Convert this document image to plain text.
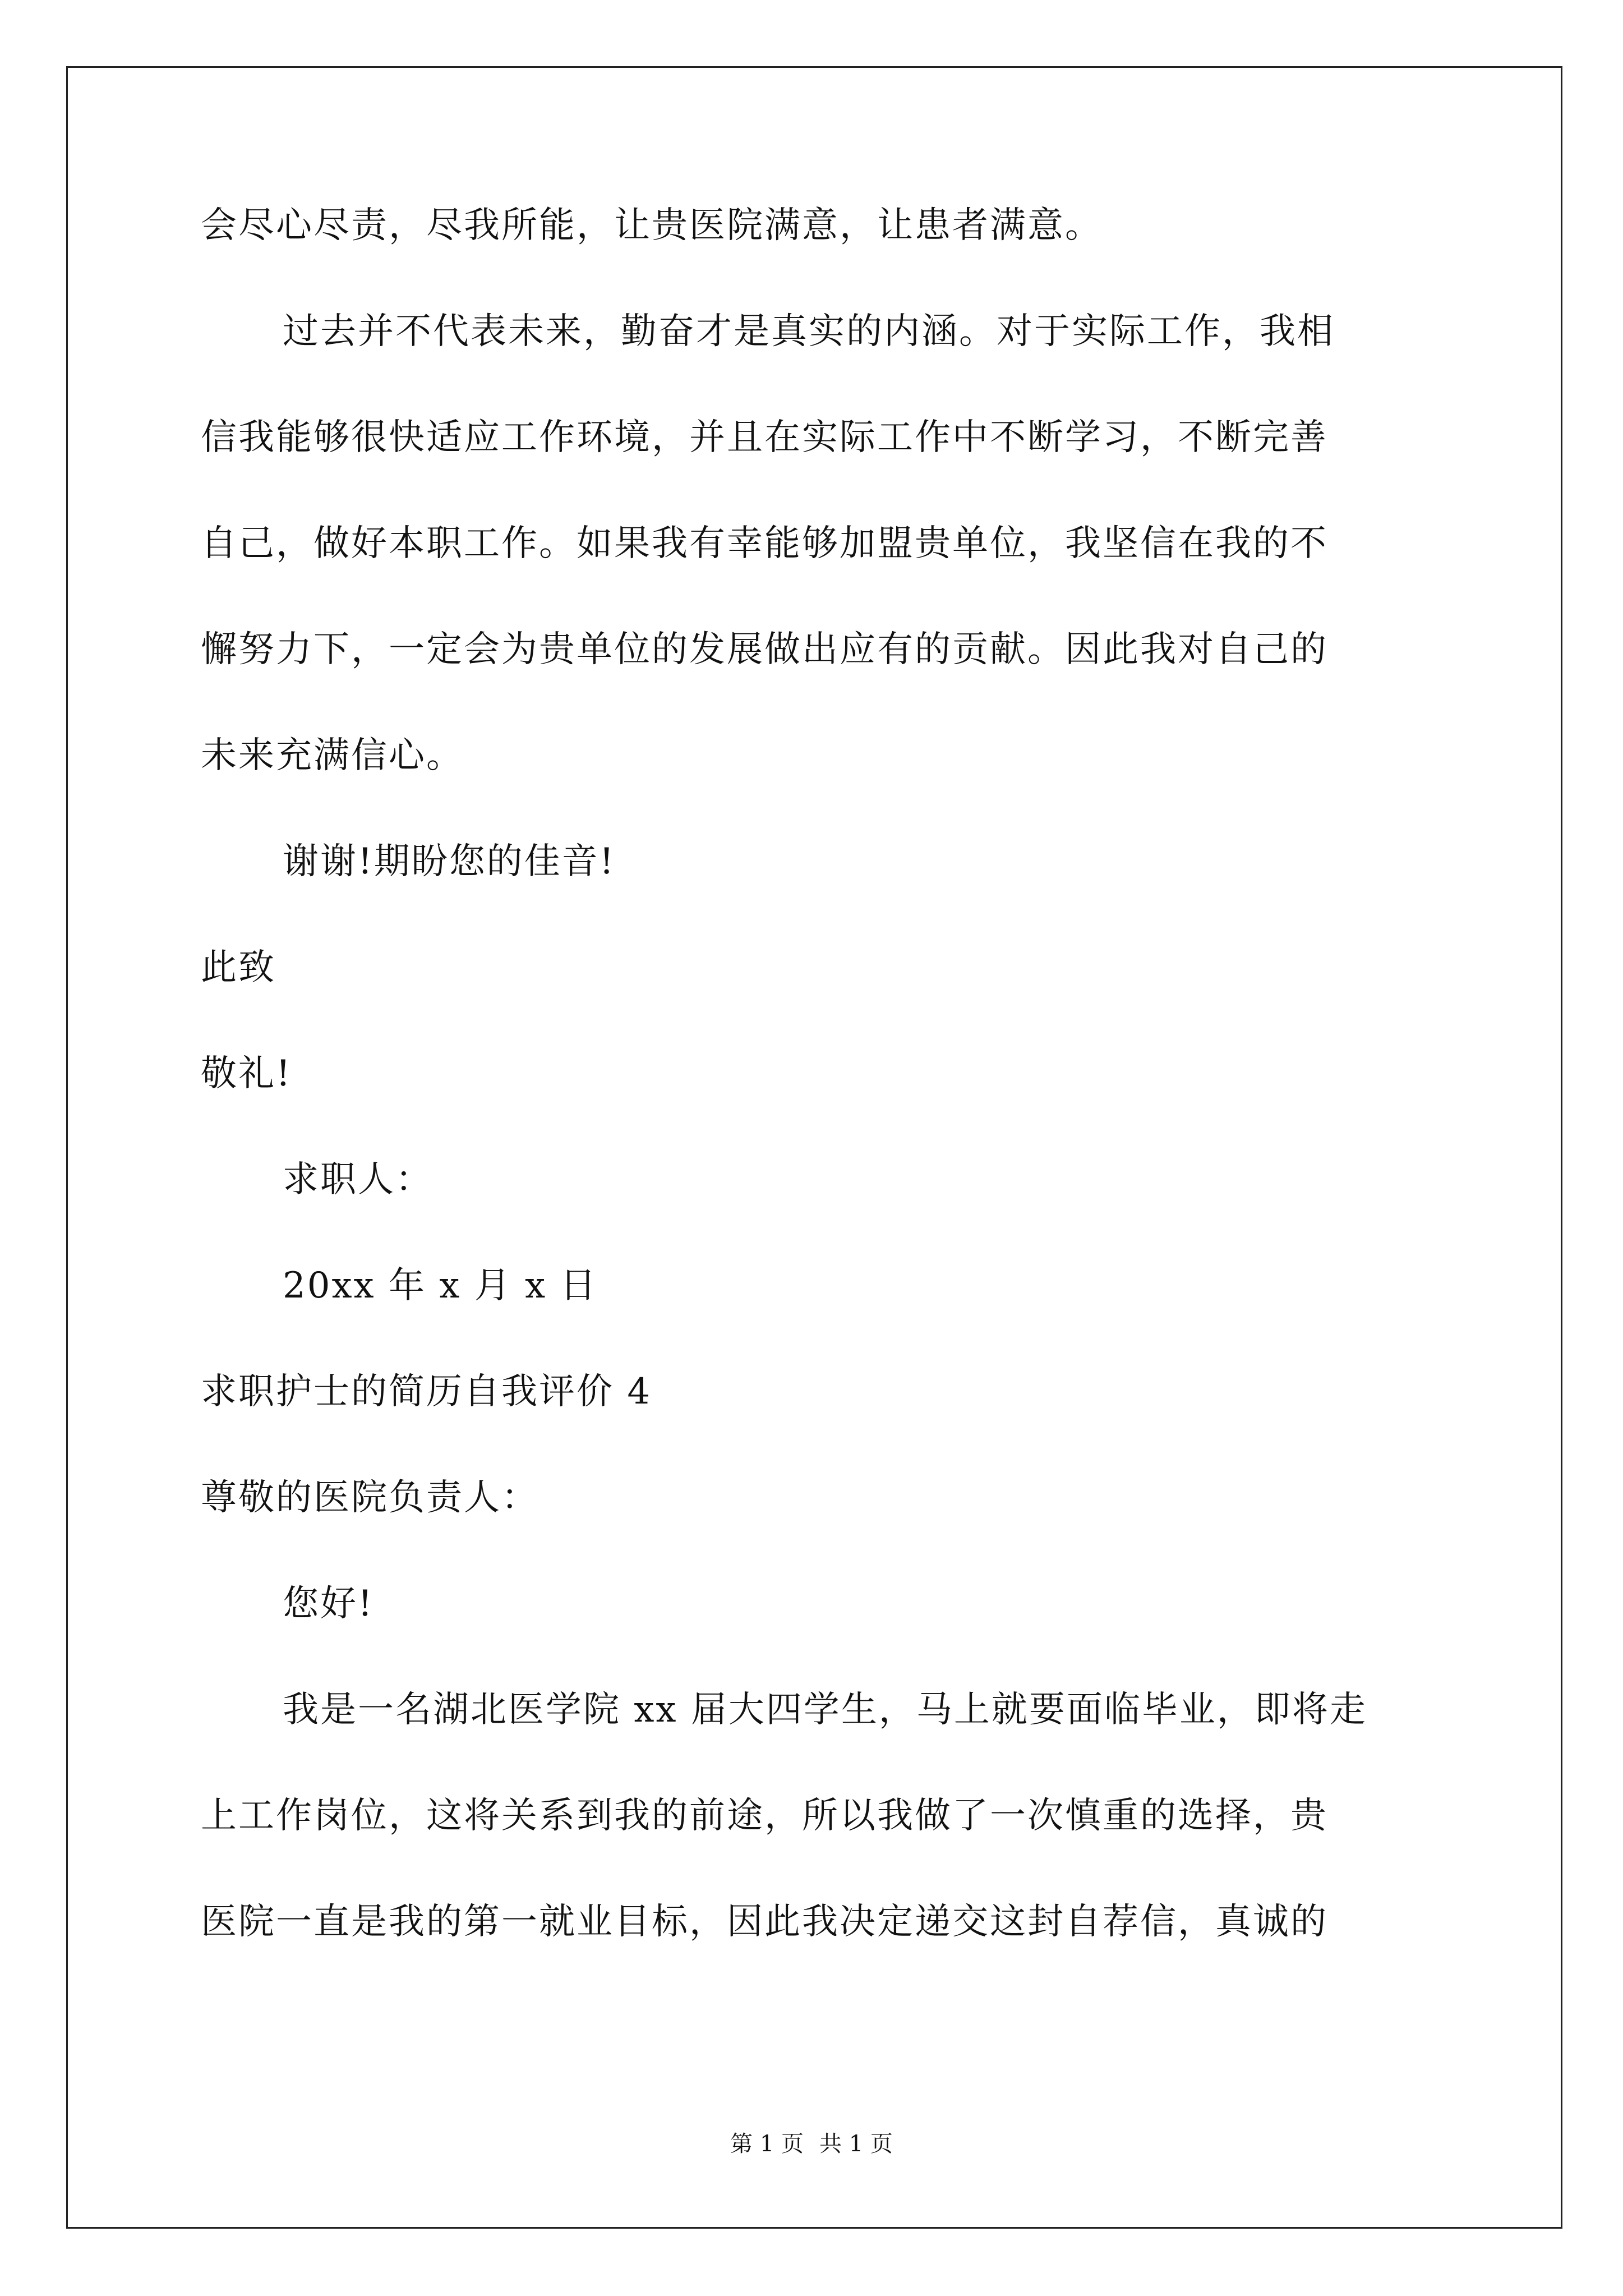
会尽心尽责，尽我所能，让贵医院满意，让患者满意。

过去并不代表未来，勤奋才是真实的内涵。对于实际工作，我相

信我能够很快适应工作环境，并且在实际工作中不断学习，不断完善

自己，做好本职工作。如果我有幸能够加盟贵单位，我坚信在我的不

懈努力下，一定会为贵单位的发展做出应有的贡献。因此我对自己的

未来充满信心。

谢谢!期盼您的佳音!

此致

敬礼!

求职人：

20xx 年 x 月 x 日

求职护士的简历自我评价 4

尊敬的医院负责人：

您好!

我是一名湖北医学院 xx 届大四学生，马上就要面临毕业，即将走

上工作岗位，这将关系到我的前途，所以我做了一次慎重的选择，贵

医院一直是我的第一就业目标，因此我决定递交这封自荐信，真诚的

第 1 页 共 1 页
